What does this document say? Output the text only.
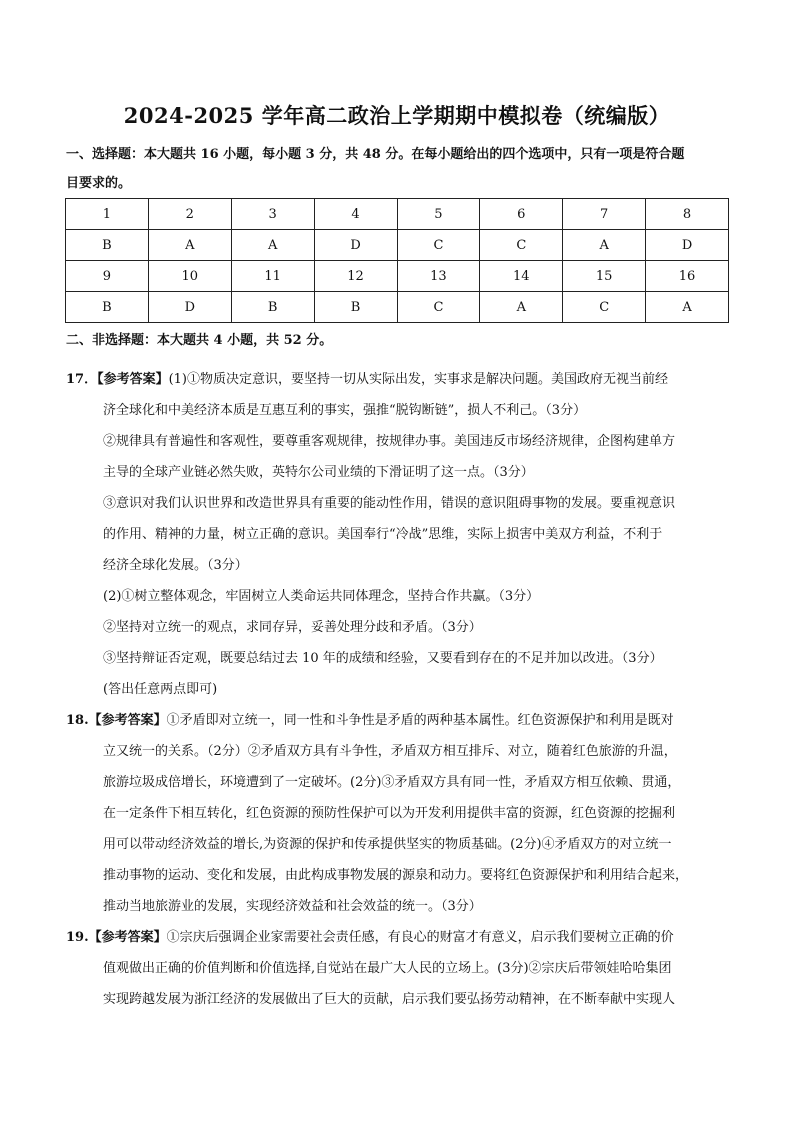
2024-2025 学年高二政治上学期期中模拟卷（统编版）
一、选择题：本大题共 16 小题，每小题 3 分，共 48 分。在每小题给出的四个选项中，只有一项是符合题
目要求的。
1	2	3	4	5	6	7	8
B	A	A	D	C	C	A	D
9	10	11	12	13	14	15	16
B	D	B	B	C	A	C	A
二、非选择题：本大题共 4 小题，共 52 分。

17．【参考答案】(1)①物质决定意识，要坚持一切从实际出发，实事求是解决问题。美国政府无视当前经

济全球化和中美经济本质是互惠互利的事实，强推“脱钩断链”，损人不利己。（3分）

②规律具有普遍性和客观性，要尊重客观规律，按规律办事。美国违反市场经济规律，企图构建单方

主导的全球产业链必然失败，英特尔公司业绩的下滑证明了这一点。（3分）

③意识对我们认识世界和改造世界具有重要的能动性作用，错误的意识阻碍事物的发展。要重视意识

的作用、精神的力量，树立正确的意识。美国奉行“冷战”思维，实际上损害中美双方利益，不利于

经济全球化发展。（3分）

(2)①树立整体观念，牢固树立人类命运共同体理念，坚持合作共赢。（3分）

②坚持对立统一的观点，求同存异，妥善处理分歧和矛盾。（3分）

③坚持辩证否定观，既要总结过去 10 年的成绩和经验，又要看到存在的不足并加以改进。（3分）

(答出任意两点即可)

18.【参考答案】①矛盾即对立统一，同一性和斗争性是矛盾的两种基本属性。红色资源保护和利用是既对

立又统一的关系。（2分）②矛盾双方具有斗争性，矛盾双方相互排斥、对立，随着红色旅游的升温，

旅游垃圾成倍增长，环境遭到了一定破坏。(2分)③矛盾双方具有同一性，矛盾双方相互依赖、贯通，

在一定条件下相互转化，红色资源的预防性保护可以为开发利用提供丰富的资源，红色资源的挖掘利

用可以带动经济效益的增长,为资源的保护和传承提供坚实的物质基础。(2分)④矛盾双方的对立统一

推动事物的运动、变化和发展，由此构成事物发展的源泉和动力。要将红色资源保护和利用结合起来，

推动当地旅游业的发展，实现经济效益和社会效益的统一。（3分）

19.【参考答案】①宗庆后强调企业家需要社会责任感，有良心的财富才有意义，启示我们要树立正确的价

值观做出正确的价值判断和价值选择,自觉站在最广大人民的立场上。(3分)②宗庆后带领娃哈哈集团

实现跨越发展为浙江经济的发展做出了巨大的贡献，启示我们要弘扬劳动精神，在不断奉献中实现人
